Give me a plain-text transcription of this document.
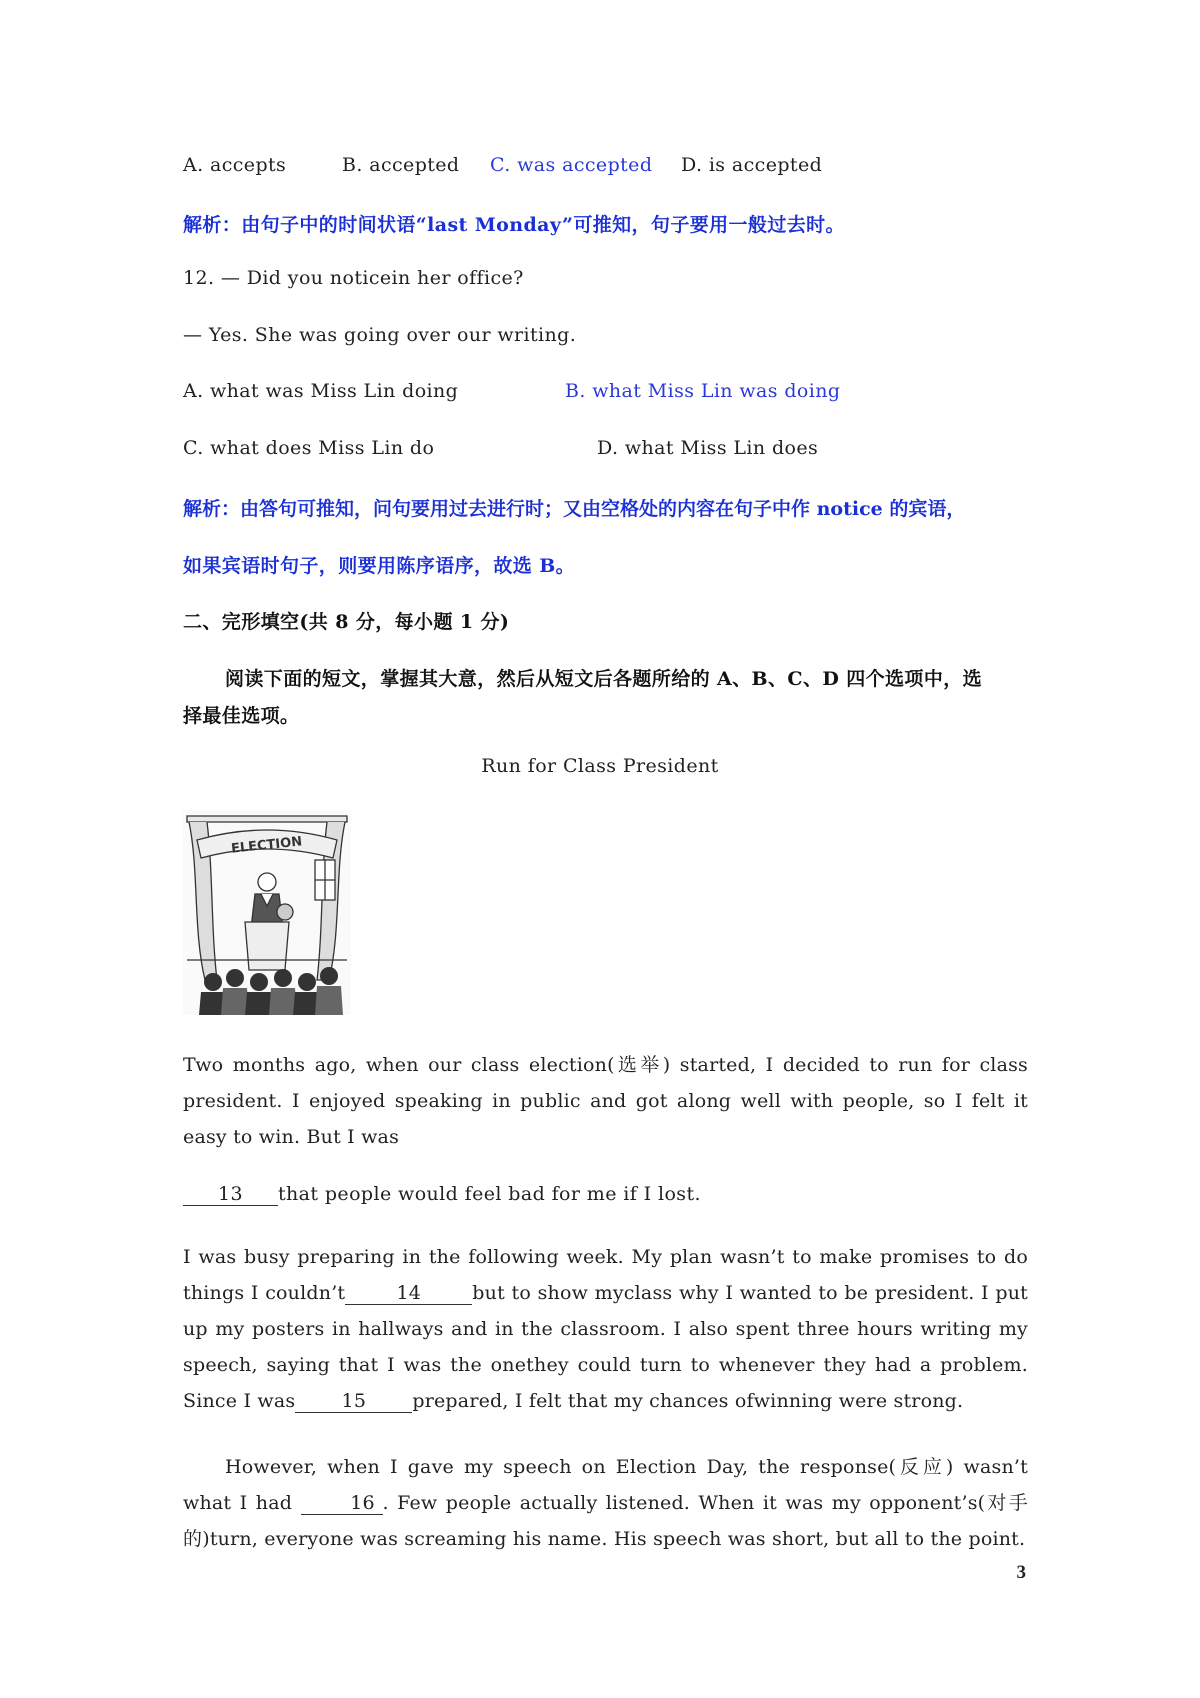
A. accepts	B. accepted C. was accepted D. is accepted
解析：由句子中的时间状语“last Monday”可推知，句子要用一般过去时。
12. — Did you noticein her office?
— Yes. She was going over our writing.
A. what was Miss Lin doing	B. what Miss Lin was doing
C. what does Miss Lin do	D. what Miss Lin does
解析：由答句可推知，问句要用过去进行时；又由空格处的内容在句子中作 notice 的宾语，
如果宾语时句子，则要用陈序语序，故选 B。
二、完形填空(共 8 分，每小题 1 分)
阅读下面的短文，掌握其大意，然后从短文后各题所给的 A、B、C、D 四个选项中，选
择最佳选项。
Run for Class President
ELECTION
Two months ago, when our class election(选举) started, I decided to run for class president. I enjoyed speaking in public and got along well with people, so I felt it easy to win. But I was
13 that people would feel bad for me if I lost.
I was busy preparing in the following week. My plan wasn’t to make promises to do things I couldn’t	14	but to show myclass why I wanted to be president. I put up my posters in hallways and in the classroom. I also spent three hours writing my speech, saying that I was the onethey could turn to whenever they had a problem. Since I was 15 prepared, I felt that my chances ofwinning were strong.
However, when I gave my speech on Election Day, the response(反应) wasn’t what I had	16 . Few people actually listened. When it was my opponent’s(对手的)turn, everyone was screaming his name. His speech was short, but all to the point.
3
